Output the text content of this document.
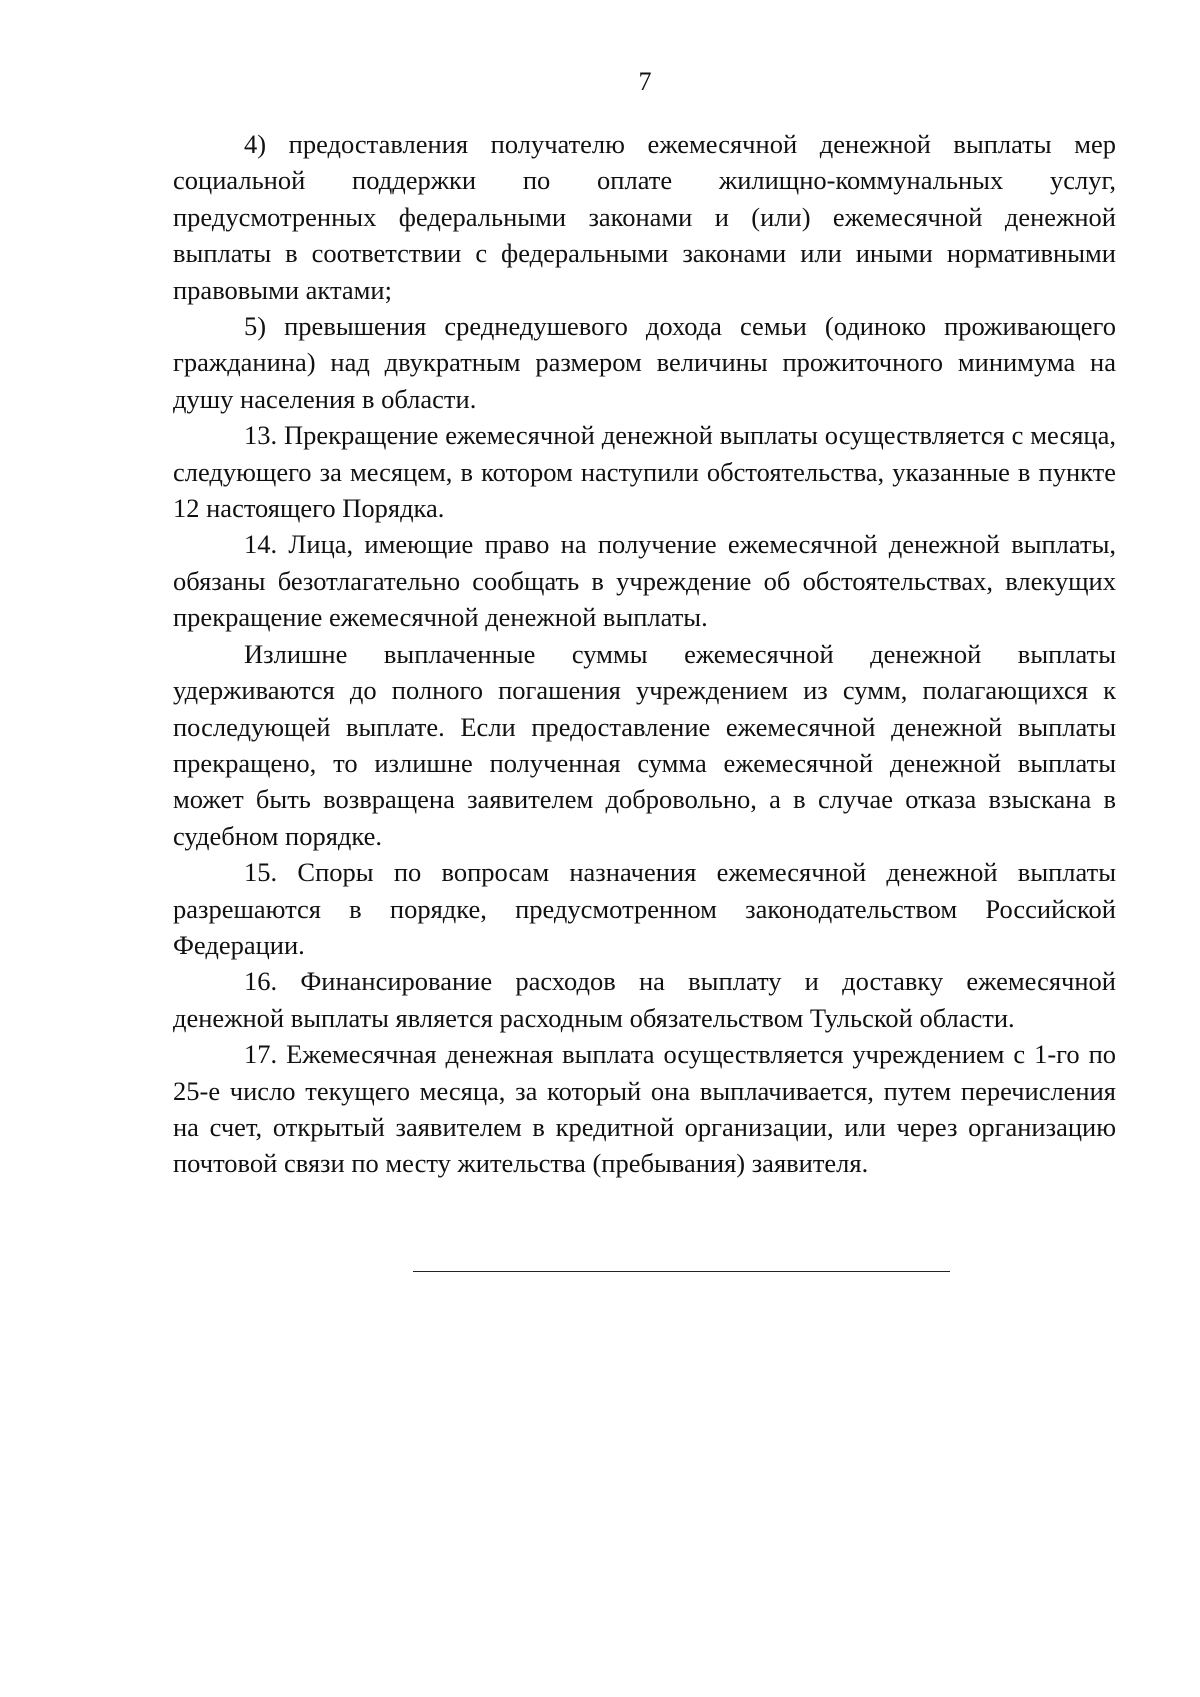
7

4) предоставления получателю ежемесячной денежной выплаты мер социальной поддержки по оплате жилищно-коммунальных услуг, предусмотренных федеральными законами и (или) ежемесячной денежной выплаты в соответствии с федеральными законами или иными нормативными правовыми актами;

5) превышения среднедушевого дохода семьи (одиноко проживающего гражданина) над двукратным размером величины прожиточного минимума на душу населения в области.

13. Прекращение ежемесячной денежной выплаты осуществляется с месяца, следующего за месяцем, в котором наступили обстоятельства, указанные в пункте 12 настоящего Порядка.

14. Лица, имеющие право на получение ежемесячной денежной выплаты, обязаны безотлагательно сообщать в учреждение об обстоятельствах, влекущих прекращение ежемесячной денежной выплаты.

Излишне выплаченные суммы ежемесячной денежной выплаты удерживаются до полного погашения учреждением из сумм, полагающихся к последующей выплате. Если предоставление ежемесячной денежной выплаты прекращено, то излишне полученная сумма ежемесячной денежной выплаты может быть возвращена заявителем добровольно, а в случае отказа взыскана в судебном порядке.

15. Споры по вопросам назначения ежемесячной денежной выплаты разрешаются в порядке, предусмотренном законодательством Российской Федерации.

16. Финансирование расходов на выплату и доставку ежемесячной денежной выплаты является расходным обязательством Тульской области.

17. Ежемесячная денежная выплата осуществляется учреждением с 1-го по 25-е число текущего месяца, за который она выплачивается, путем перечисления на счет, открытый заявителем в кредитной организации, или через организацию почтовой связи по месту жительства (пребывания) заявителя.
